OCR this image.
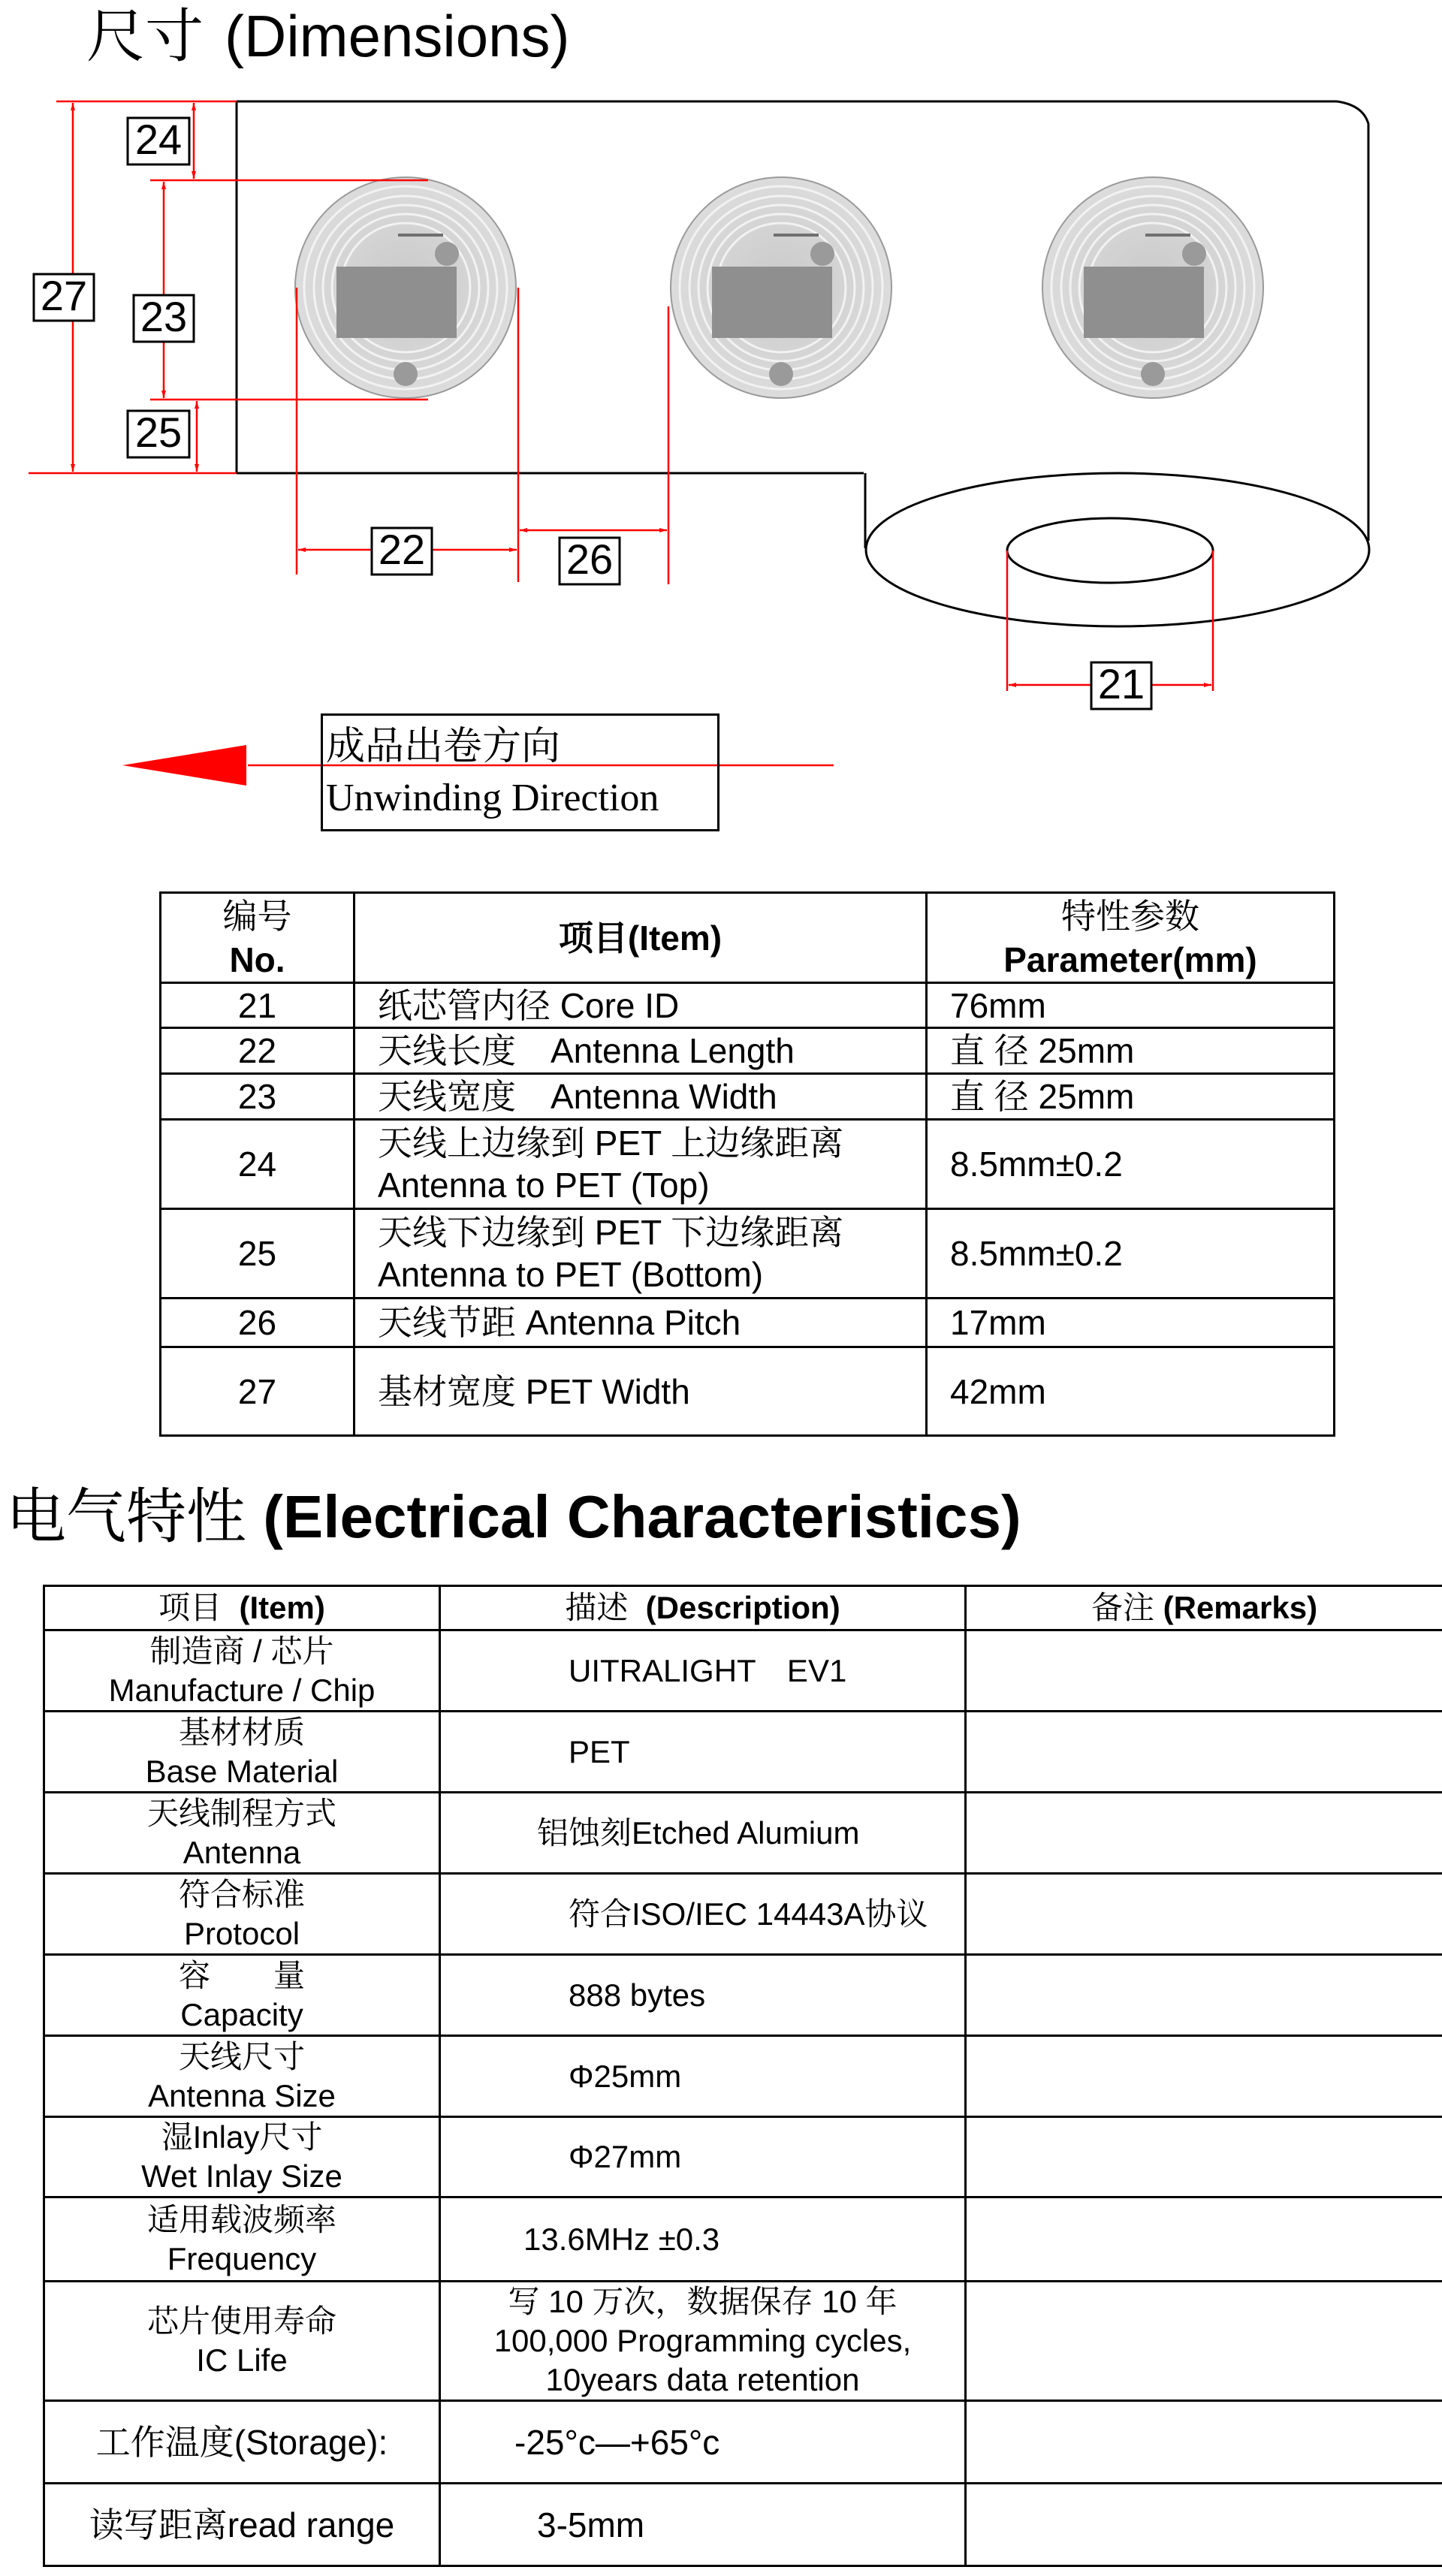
尺寸 (Dimensions)
24
27 23
25
22	26
21
成品出卷方向
Unwinding Direction
编号
No.	项目(Item)	特性参数
Parameter(mm)

21	纸芯管内径 Core ID	76mm
22	天线长度　Antenna Length	直 径 25mm
23	天线宽度　Antenna Width	直 径 25mm
24	天线上边缘到 PET 上边缘距离
Antenna to PET (Top)	8.5mm±0.2
25	天线下边缘到 PET 下边缘距离
Antenna to PET (Bottom)	8.5mm±0.2
26	天线节距 Antenna Pitch	17mm
27	基材宽度 PET Width	42mm
电气特性 (Electrical Characteristics)
项目 (Item)	描述 (Description)	备注 (Remarks)

制造商 / 芯片
Manufacture / Chip	UITRALIGHT　EV1	

基材材质
Base Material	PET	

天线制程方式
Antenna	铝蚀刻Etched Alumium	

符合标准
Protocol	符合ISO/IEC 14443A协议	

容　　量
Capacity	888 bytes	

天线尺寸
Antenna Size	Φ25mm	

湿Inlay尺寸
Wet Inlay Size	Φ27mm	

适用载波频率
Frequency	13.6MHz ±0.3	

芯片使用寿命
IC Life	写 10 万次，数据保存 10 年
100,000 Programming cycles,
10years data retention	

工作温度(Storage):	-25°c—+65°c	
读写距离read range	3-5mm	
